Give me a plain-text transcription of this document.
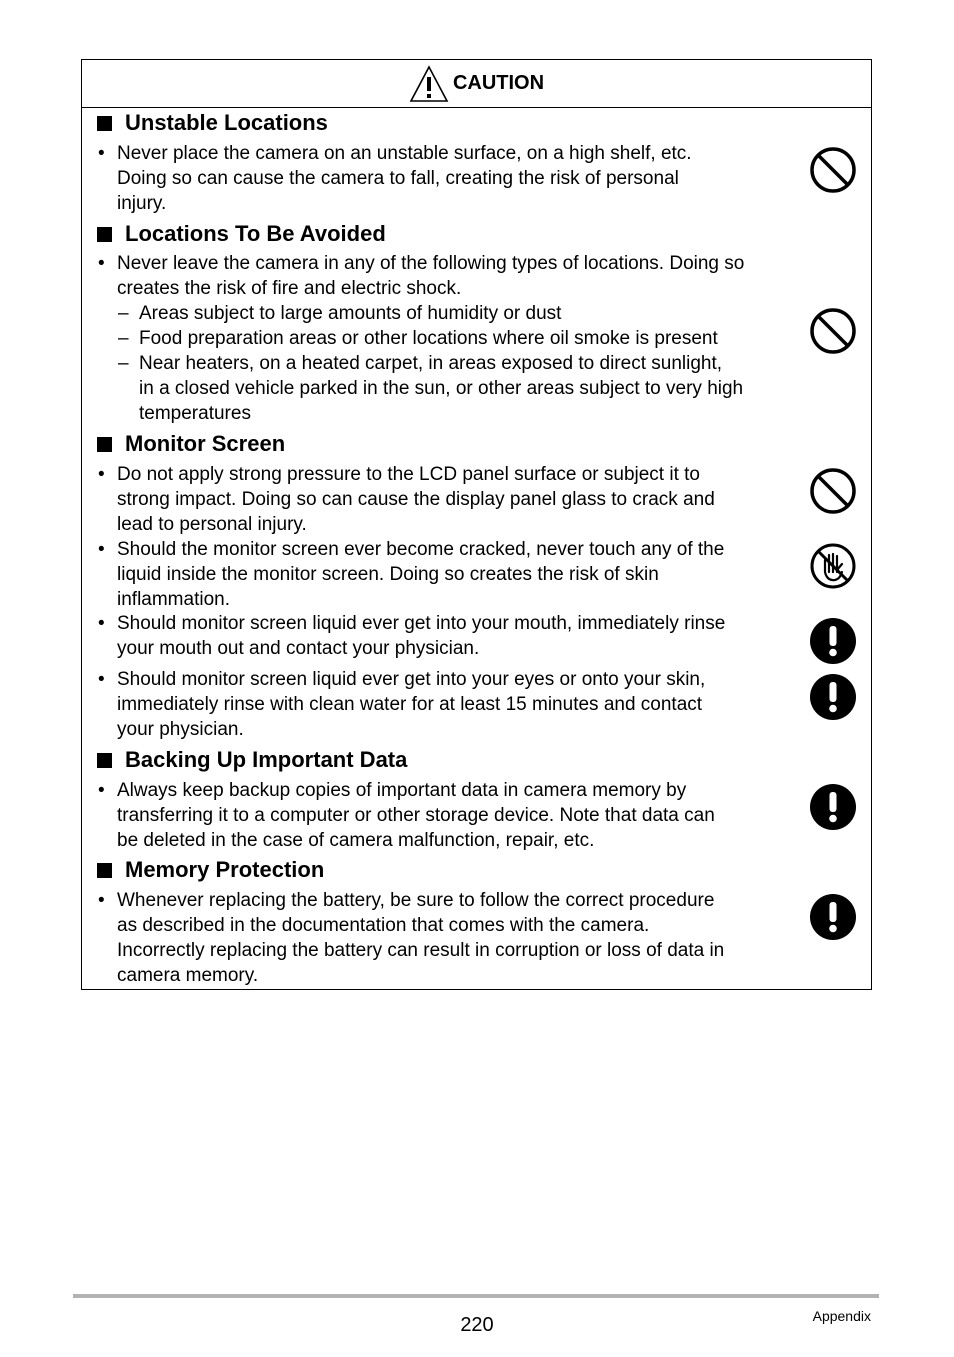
CAUTION
Unstable Locations
• Never place the camera on an unstable surface, on a high shelf, etc.
Doing so can cause the camera to fall, creating the risk of personal
injury.
Locations To Be Avoided
• Never leave the camera in any of the following types of locations. Doing so
creates the risk of fire and electric shock.
– Areas subject to large amounts of humidity or dust
– Food preparation areas or other locations where oil smoke is present
– Near heaters, on a heated carpet, in areas exposed to direct sunlight,
in a closed vehicle parked in the sun, or other areas subject to very high
temperatures
Monitor Screen
• Do not apply strong pressure to the LCD panel surface or subject it to
strong impact. Doing so can cause the display panel glass to crack and
lead to personal injury.
• Should the monitor screen ever become cracked, never touch any of the
liquid inside the monitor screen. Doing so creates the risk of skin
inflammation.
• Should monitor screen liquid ever get into your mouth, immediately rinse
your mouth out and contact your physician.
• Should monitor screen liquid ever get into your eyes or onto your skin,
immediately rinse with clean water for at least 15 minutes and contact
your physician.
Backing Up Important Data
• Always keep backup copies of important data in camera memory by
transferring it to a computer or other storage device. Note that data can
be deleted in the case of camera malfunction, repair, etc.
Memory Protection
• Whenever replacing the battery, be sure to follow the correct procedure
as described in the documentation that comes with the camera.
Incorrectly replacing the battery can result in corruption or loss of data in
camera memory.
220	Appendix
